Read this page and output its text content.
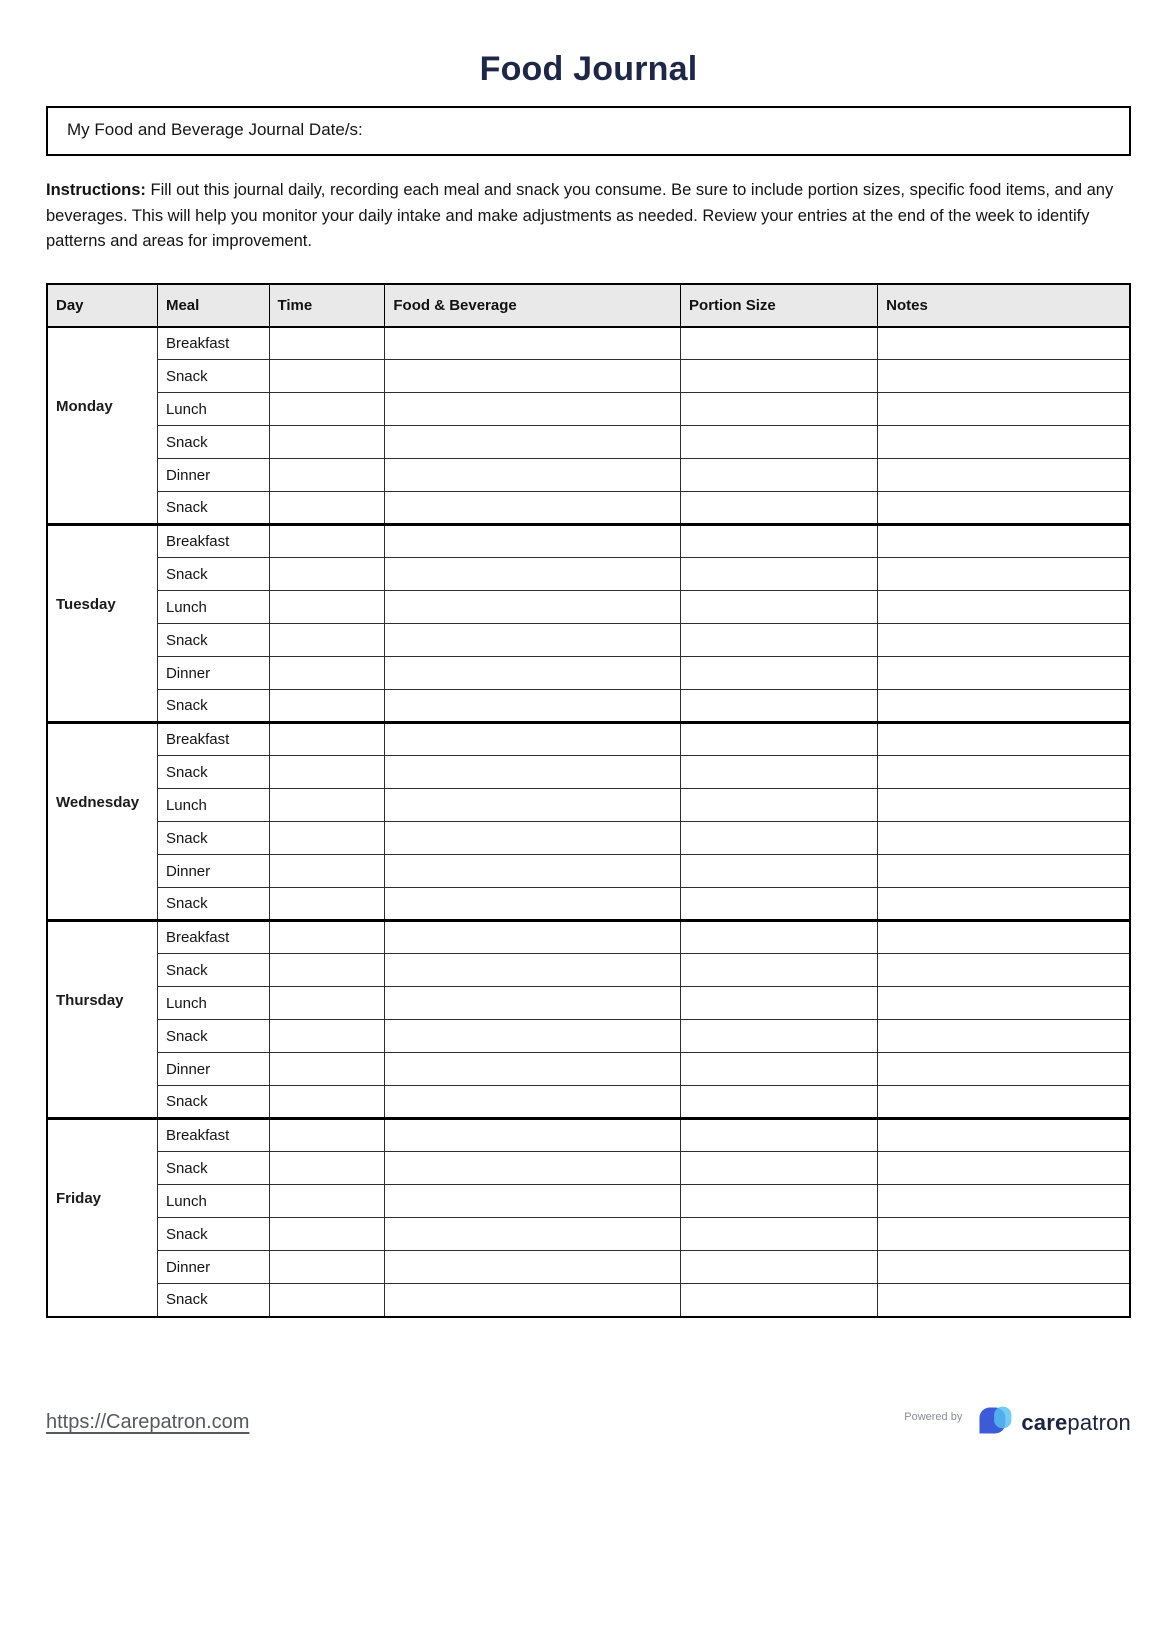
Food Journal
My Food and Beverage Journal Date/s:

Instructions: Fill out this journal daily, recording each meal and snack you consume. Be sure to include portion sizes, specific food items, and any beverages. This will help you monitor your daily intake and make adjustments as needed. Review your entries at the end of the week to identify patterns and areas for improvement.

Day	Meal	Time	Food & Beverage	Portion Size	Notes

Monday	Breakfast				
	Snack				
	Lunch				
	Snack				
	Dinner				
	Snack				

Tuesday	Breakfast				
	Snack				
	Lunch				
	Snack				
	Dinner				
	Snack				

Wednesday	Breakfast				
	Snack				
	Lunch				
	Snack				
	Dinner				
	Snack				

Thursday	Breakfast				
	Snack				
	Lunch				
	Snack				
	Dinner				
	Snack				

Friday	Breakfast				
	Snack				
	Lunch				
	Snack				
	Dinner				
	Snack				
https://Carepatron.com	Powered by	carepatron
